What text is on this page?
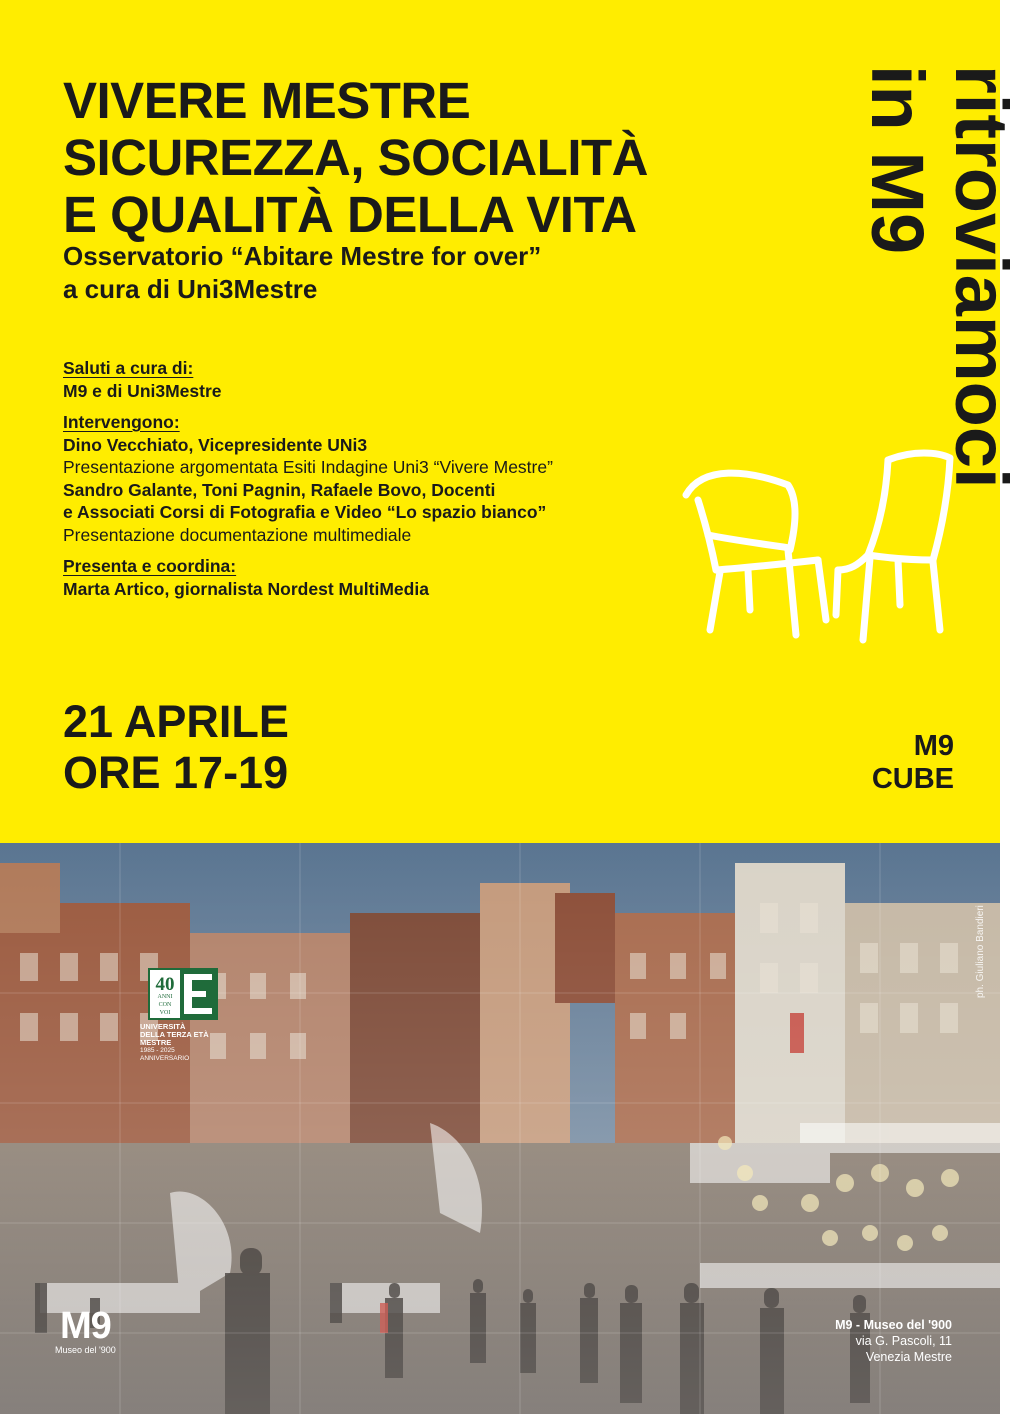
VIVERE MESTRE
SICUREZZA, SOCIALITÀ
E QUALITÀ DELLA VITA
Osservatorio “Abitare Mestre for over”
a cura di Uni3Mestre
Saluti a cura di:
M9 e di Uni3Mestre
Intervengono:
Dino Vecchiato, Vicepresidente UNi3
Presentazione argomentata Esiti Indagine Uni3 “Vivere Mestre”
Sandro Galante, Toni Pagnin, Rafaele Bovo, Docenti
e Associati Corsi di Fotografia e Video “Lo spazio bianco”
Presentazione documentazione multimediale
Presenta e coordina:
Marta Artico, giornalista Nordest MultiMedia
21 APRILE
ORE 17-19
M9
CUBE
ritroviamoci
in M9
ph. Giuliano Bandieri
40
ANNI
CON
VOI
UNIVERSITÀ
DELLA TERZA ETÀ
MESTRE
1985 - 2025
ANNIVERSARIO
M9
Museo del '900
M9 - Museo del '900
via G. Pascoli, 11
Venezia Mestre
